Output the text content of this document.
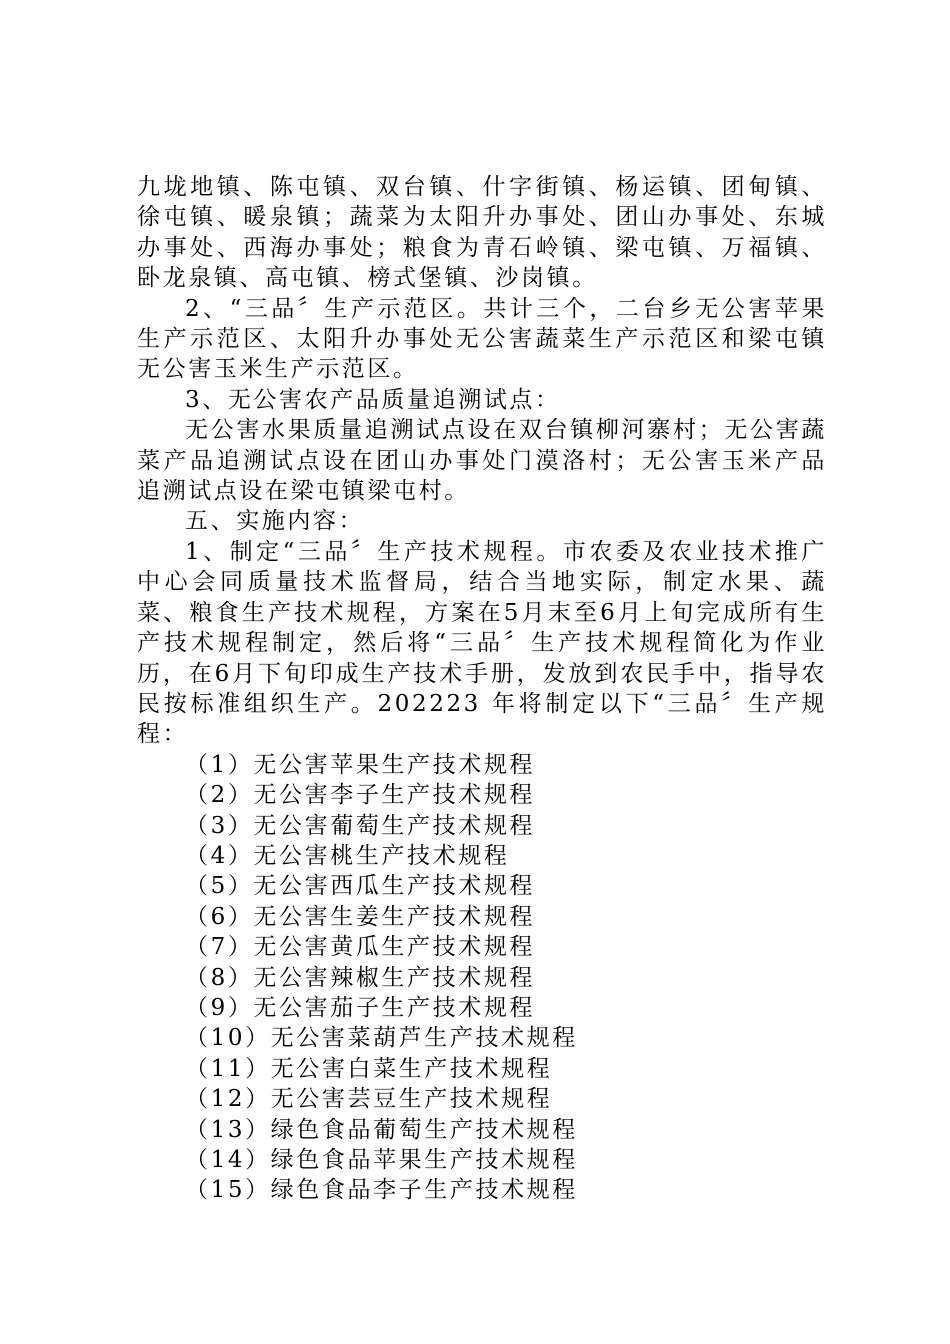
九垅地镇、陈屯镇、双台镇、什字街镇、杨运镇、团甸镇、徐屯镇、暖泉镇；蔬菜为太阳升办事处、团山办事处、东城办事处、西海办事处；粮食为青石岭镇、梁屯镇、万福镇、卧龙泉镇、高屯镇、榜式堡镇、沙岗镇。

2、“三品〞生产示范区。共计三个，二台乡无公害苹果生产示范区、太阳升办事处无公害蔬菜生产示范区和梁屯镇无公害玉米生产示范区。

3、无公害农产品质量追溯试点：

无公害水果质量追溯试点设在双台镇柳河寨村；无公害蔬菜产品追溯试点设在团山办事处门漠洛村；无公害玉米产品追溯试点设在梁屯镇梁屯村。

五、实施内容：

1、制定“三品〞生产技术规程。市农委及农业技术推广中心会同质量技术监督局，结合当地实际，制定水果、蔬菜、粮食生产技术规程，方案在5月末至6月上旬完成所有生产技术规程制定，然后将“三品〞生产技术规程简化为作业历，在6月下旬印成生产技术手册，发放到农民手中，指导农民按标准组织生产。202223 年将制定以下“三品〞生产规程：

（1）无公害苹果生产技术规程
（2）无公害李子生产技术规程
（3）无公害葡萄生产技术规程
（4）无公害桃生产技术规程
（5）无公害西瓜生产技术规程
（6）无公害生姜生产技术规程
（7）无公害黄瓜生产技术规程
（8）无公害辣椒生产技术规程
（9）无公害茄子生产技术规程
（10）无公害菜葫芦生产技术规程
（11）无公害白菜生产技术规程
（12）无公害芸豆生产技术规程
（13）绿色食品葡萄生产技术规程
（14）绿色食品苹果生产技术规程
（15）绿色食品李子生产技术规程
